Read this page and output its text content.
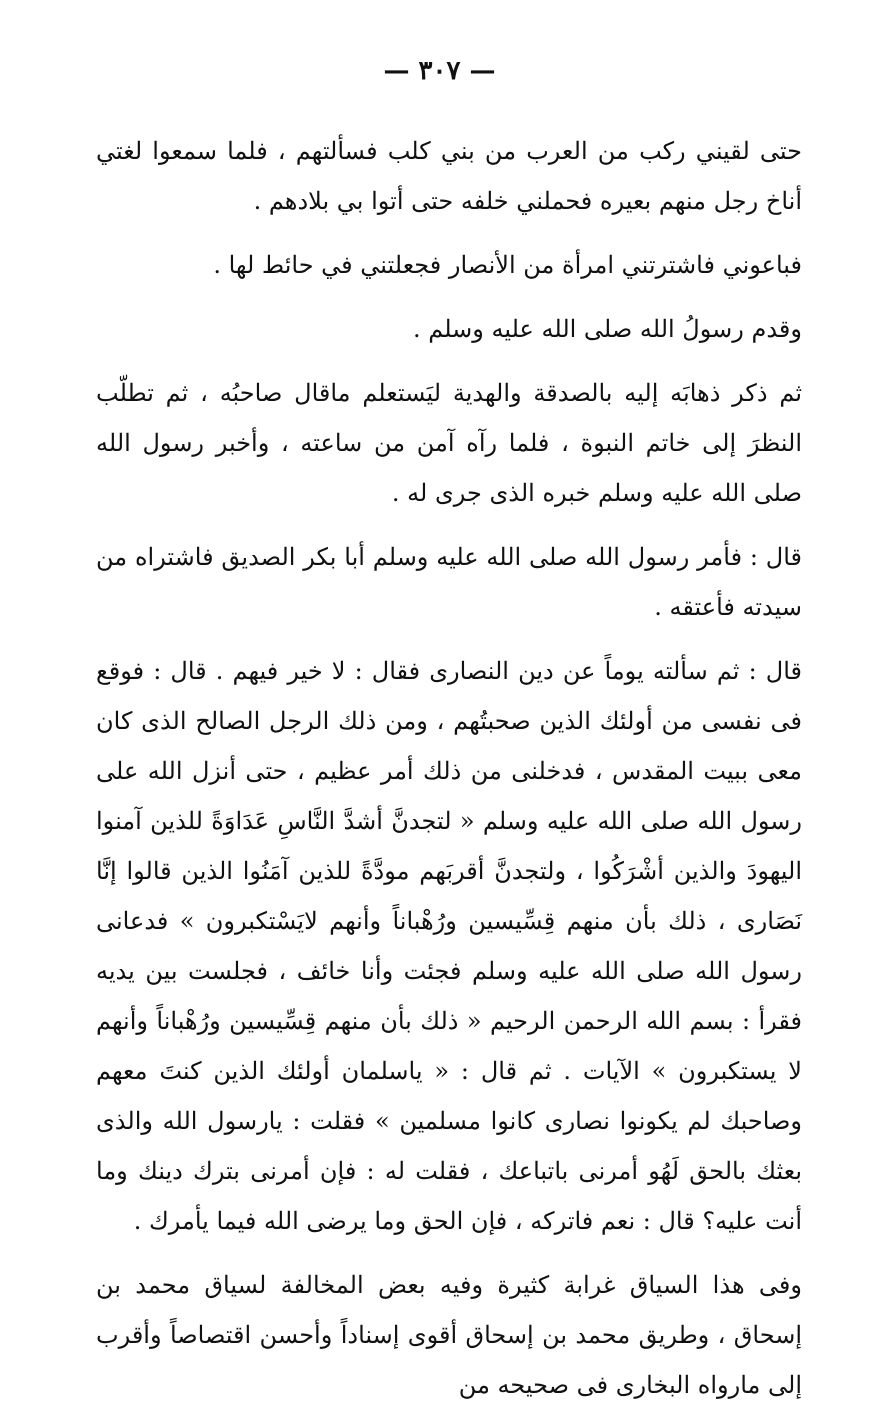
— ٣٠٧ —

حتى لقيني ركب من العرب من بني كلب فسألتهم ، فلما سمعوا لغتي أناخ رجل منهم بعيره فحملني خلفه حتى أتوا بي بلادهم .

فباعوني فاشترتني امرأة من الأنصار فجعلتني في حائط لها .

وقدم رسولُ الله صلى الله عليه وسلم .

ثم ذكر ذهابَه إليه بالصدقة والهدية ليَستعلم ماقال صاحبُه ، ثم تطلّب النظرَ إلى خاتم النبوة ، فلما رآه آمن من ساعته ، وأخبر رسول الله صلى الله عليه وسلم خبره الذى جرى له .

قال : فأمر رسول الله صلى الله عليه وسلم أبا بكر الصديق فاشتراه من سيدته فأعتقه .

قال : ثم سألته يوماً عن دين النصارى فقال : لا خير فيهم . قال : فوقع فى نفسى من أولئك الذين صحبتُهم ، ومن ذلك الرجل الصالح الذى كان معى ببيت المقدس ، فدخلنى من ذلك أمر عظيم ، حتى أنزل الله على رسول الله صلى الله عليه وسلم « لتجدنَّ أشدَّ النَّاسِ عَدَاوَةً للذين آمنوا اليهودَ والذين أشْرَكُوا ، ولتجدنَّ أقربَهم مودَّةً للذين آمَنُوا الذين قالوا إنَّا نَصَارى ، ذلك بأن منهم قِسِّيسين ورُهْباناً وأنهم لايَسْتكبرون » فدعانى رسول الله صلى الله عليه وسلم فجئت وأنا خائف ، فجلست بين يديه فقرأ : بسم الله الرحمن الرحيم « ذلك بأن منهم قِسِّيسين ورُهْباناً وأنهم لا يستكبرون » الآيات . ثم قال : « ياسلمان أولئك الذين كنتَ معهم وصاحبك لم يكونوا نصارى كانوا مسلمين » فقلت : يارسول الله والذى بعثك بالحق لَهُو أمرنى باتباعك ، فقلت له : فإن أمرنى بترك دينك وما أنت عليه؟ قال : نعم فاتركه ، فإن الحق وما يرضى الله فيما يأمرك .

وفى هذا السياق غرابة كثيرة وفيه بعض المخالفة لسياق محمد بن إسحاق ، وطريق محمد بن إسحاق أقوى إسناداً وأحسن اقتصاصاً وأقرب إلى مارواه البخارى فى صحيحه من
